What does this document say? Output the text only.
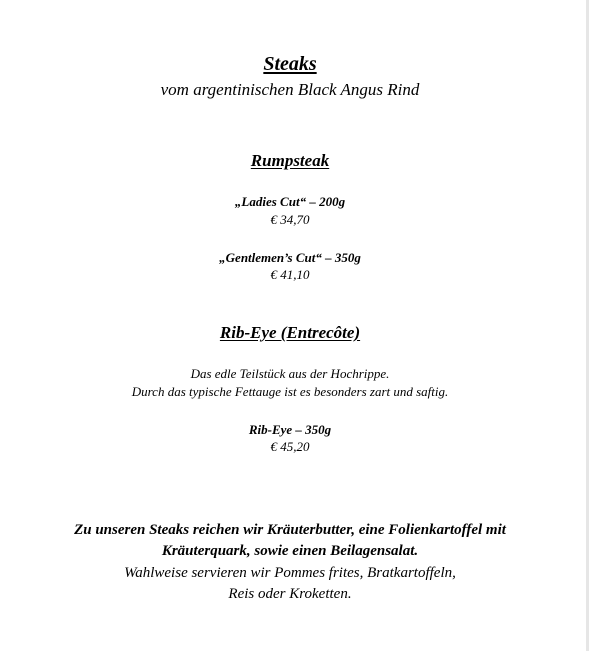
Steaks
vom argentinischen Black Angus Rind
Rumpsteak
„Ladies Cut“ – 200g
€ 34,70
„Gentlemen’s Cut“ – 350g
€ 41,10
Rib-Eye (Entrecôte)
Das edle Teilstück aus der Hochrippe.
Durch das typische Fettauge ist es besonders zart und saftig.
Rib-Eye – 350g
€ 45,20
Zu unseren Steaks reichen wir Kräuterbutter, eine Folienkartoffel mit
Kräuterquark, sowie einen Beilagensalat.
Wahlweise servieren wir Pommes frites, Bratkartoffeln,
Reis oder Kroketten.
